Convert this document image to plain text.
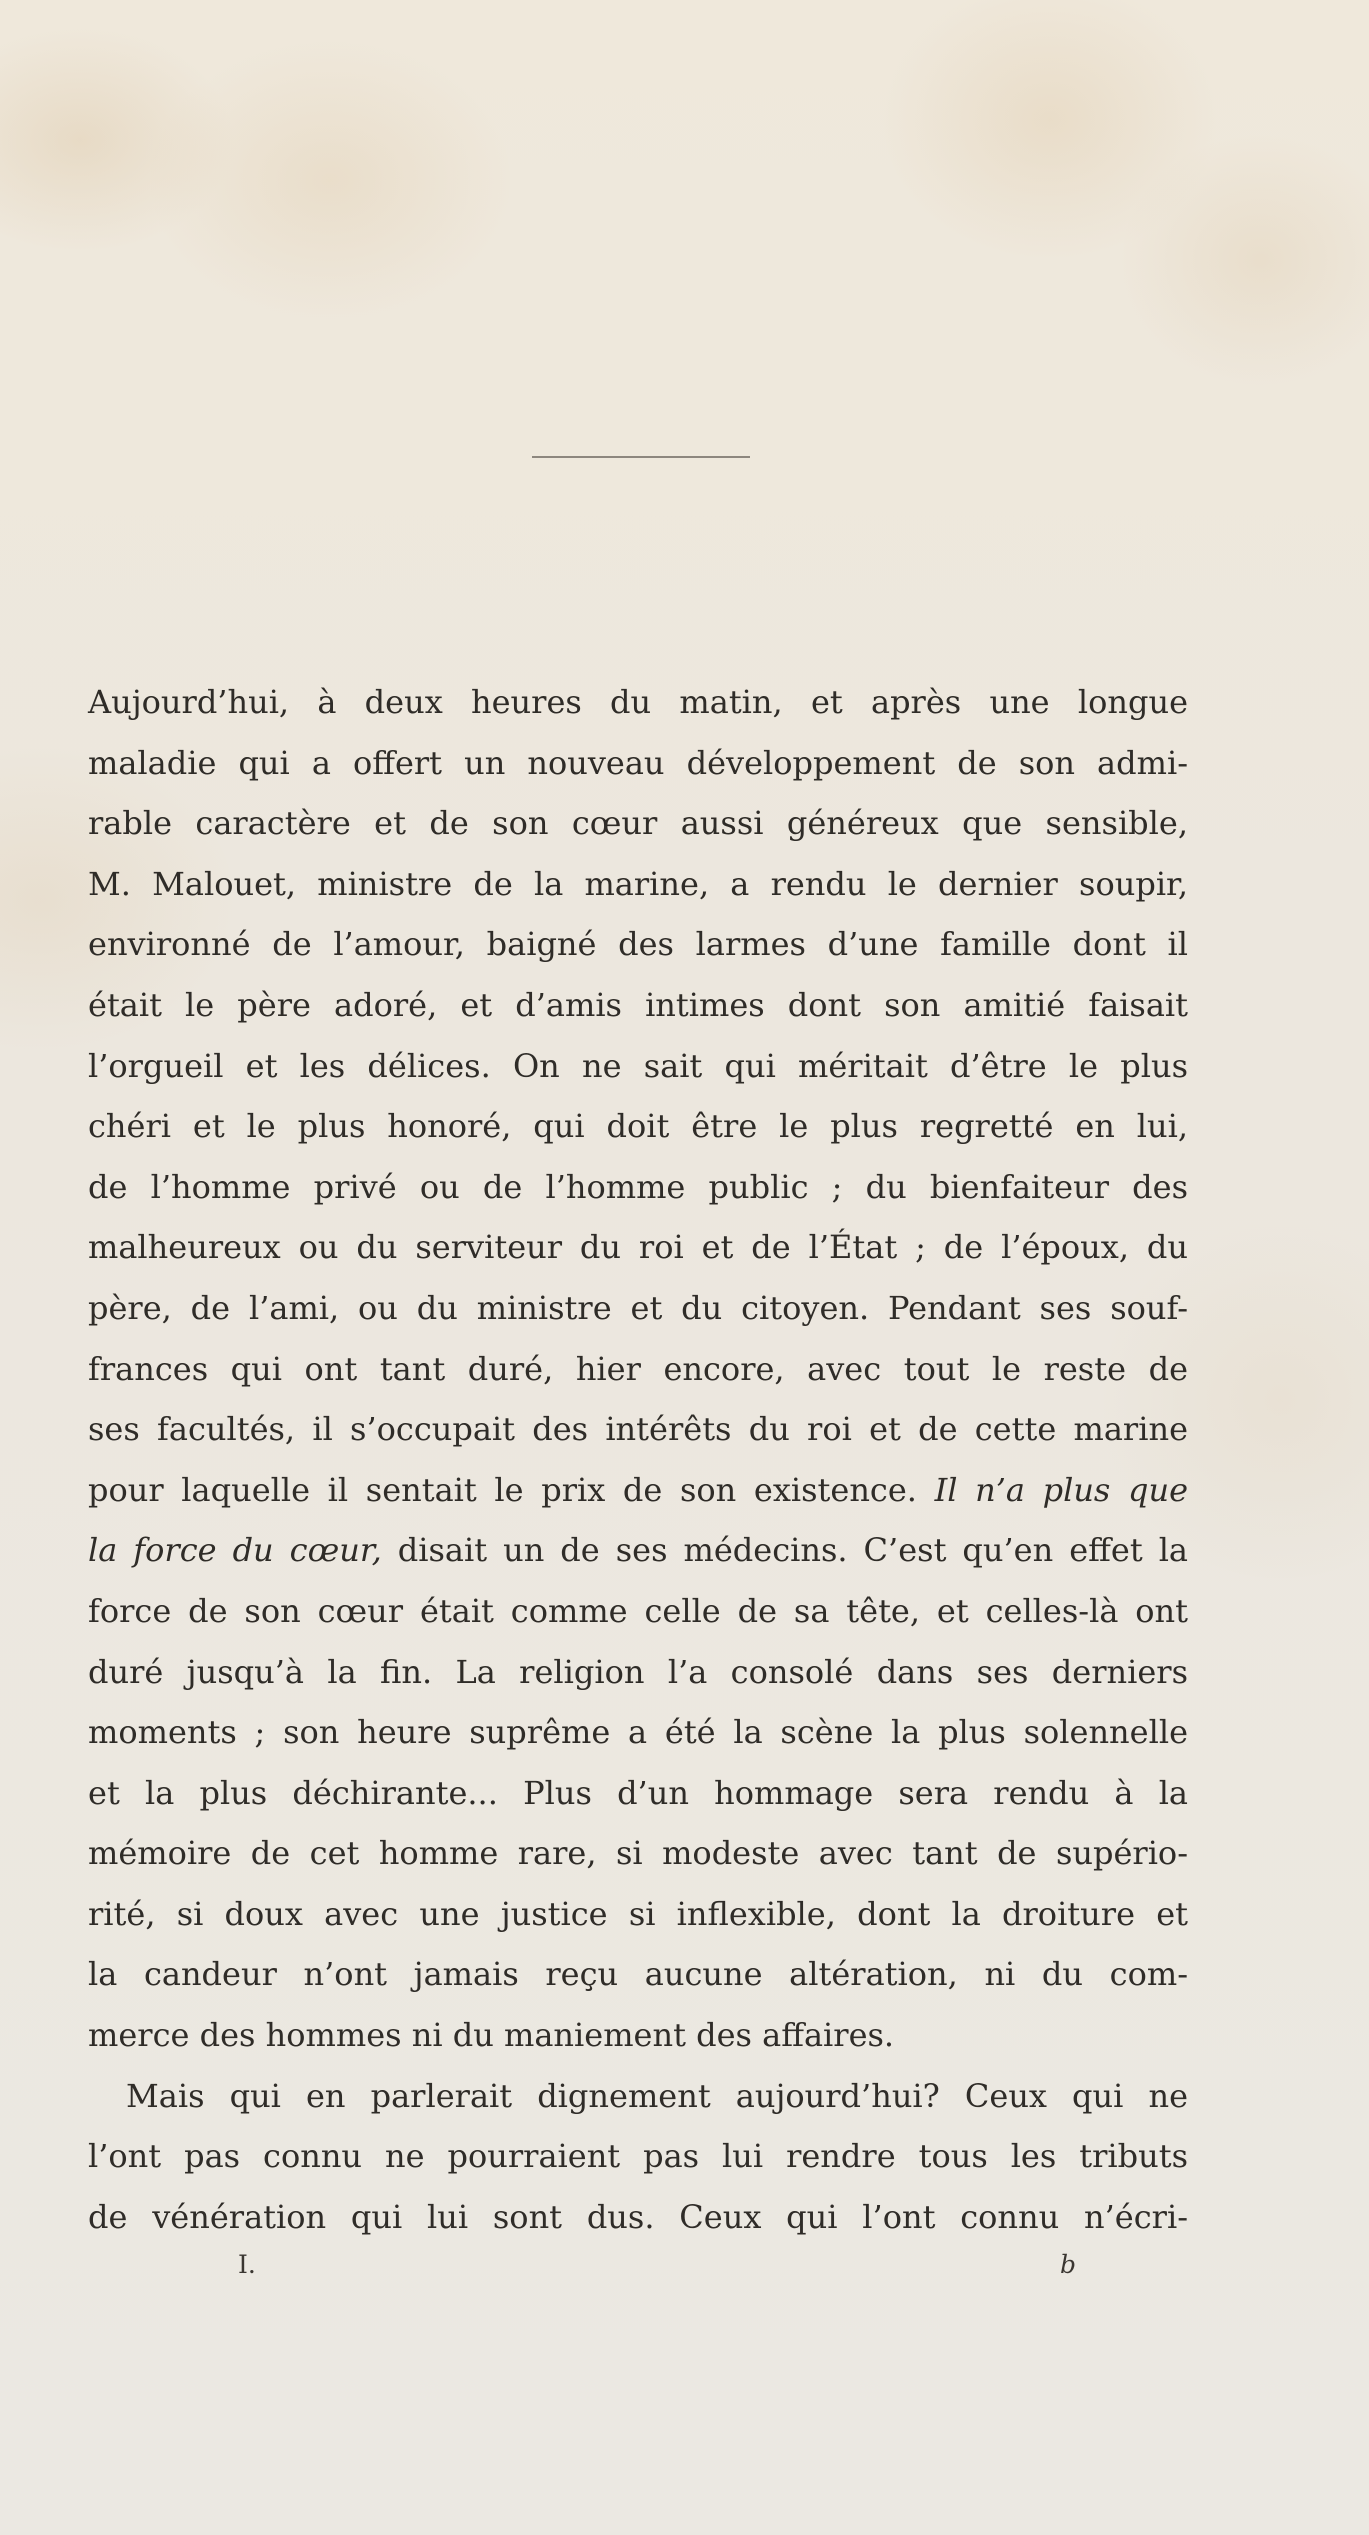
Aujourd’hui, à deux heures du matin, et après une longue
maladie qui a offert un nouveau développement de son admi-
rable caractère et de son cœur aussi généreux que sensible,
M. Malouet, ministre de la marine, a rendu le dernier soupir,
environné de l’amour, baigné des larmes d’une famille dont il
était le père adoré, et d’amis intimes dont son amitié faisait
l’orgueil et les délices. On ne sait qui méritait d’être le plus
chéri et le plus honoré, qui doit être le plus regretté en lui,
de l’homme privé ou de l’homme public ; du bienfaiteur des
malheureux ou du serviteur du roi et de l’État ; de l’époux, du
père, de l’ami, ou du ministre et du citoyen. Pendant ses souf-
frances qui ont tant duré, hier encore, avec tout le reste de
ses facultés, il s’occupait des intérêts du roi et de cette marine
pour laquelle il sentait le prix de son existence. Il n’a plus que
la force du cœur, disait un de ses médecins. C’est qu’en effet la
force de son cœur était comme celle de sa tête, et celles-là ont
duré jusqu’à la fin. La religion l’a consolé dans ses derniers
moments ; son heure suprême a été la scène la plus solennelle
et la plus déchirante... Plus d’un hommage sera rendu à la
mémoire de cet homme rare, si modeste avec tant de supério-
rité, si doux avec une justice si inflexible, dont la droiture et
la candeur n’ont jamais reçu aucune altération, ni du com-
merce des hommes ni du maniement des affaires.
Mais qui en parlerait dignement aujourd’hui? Ceux qui ne
l’ont pas connu ne pourraient pas lui rendre tous les tributs
de vénération qui lui sont dus. Ceux qui l’ont connu n’écri-
I.	b
